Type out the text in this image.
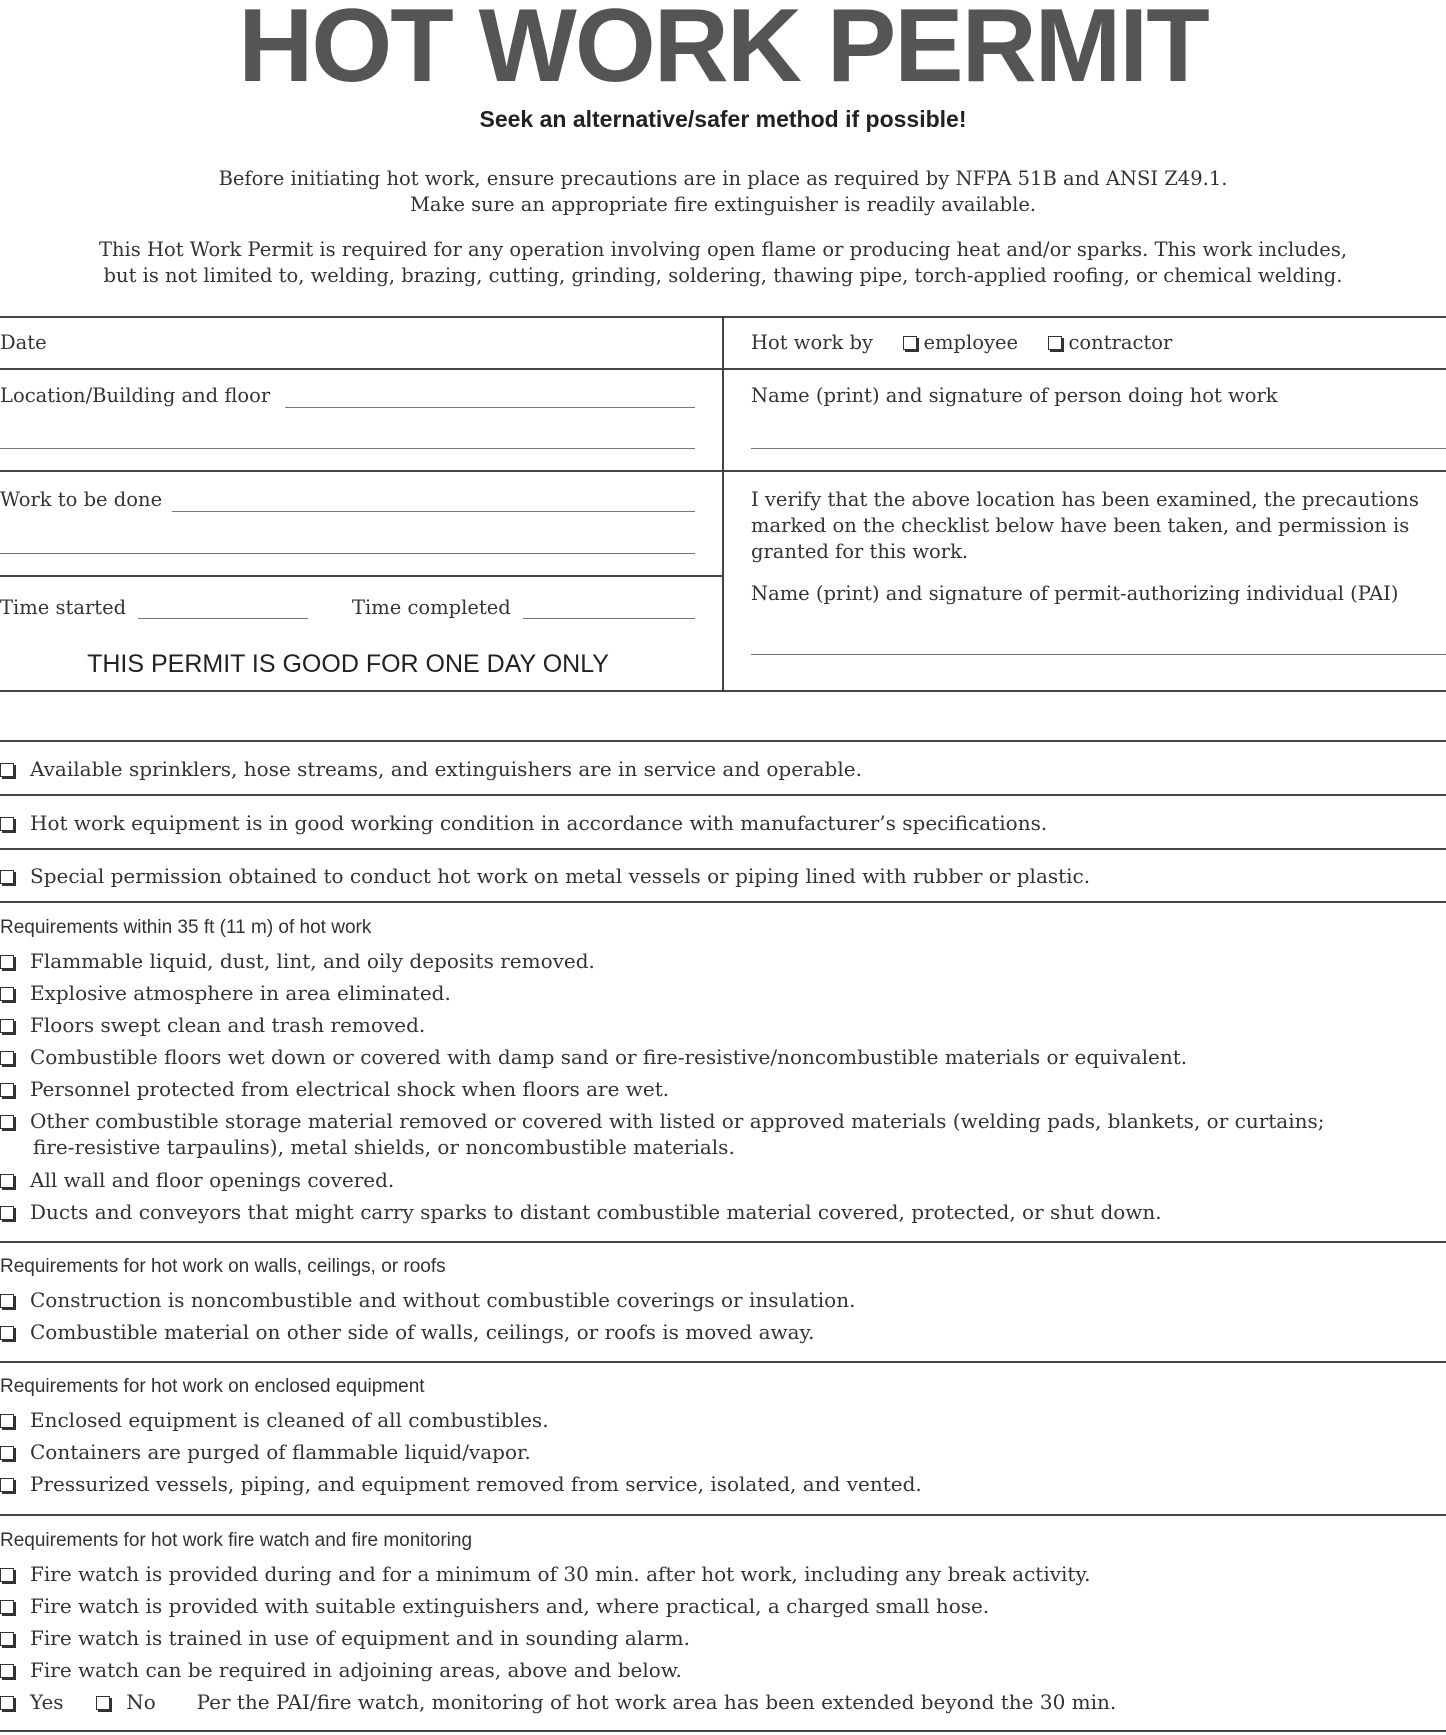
HOT WORK PERMIT
Seek an alternative/safer method if possible!
Before initiating hot work, ensure precautions are in place as required by NFPA 51B and ANSI Z49.1.
Make sure an appropriate fire extinguisher is readily available.
This Hot Work Permit is required for any operation involving open flame or producing heat and/or sparks. This work includes,
but is not limited to, welding, brazing, cutting, grinding, soldering, thawing pipe, torch-applied roofing, or chemical welding.
Date
Location/Building and floor
Work to be done
Time started	Time completed
THIS PERMIT IS GOOD FOR ONE DAY ONLY
Hot work by	employee	contractor
Name (print) and signature of person doing hot work
I verify that the above location has been examined, the precautions
marked on the checklist below have been taken, and permission is
granted for this work.
Name (print) and signature of permit-authorizing individual (PAI)
Available sprinklers, hose streams, and extinguishers are in service and operable.
Hot work equipment is in good working condition in accordance with manufacturer’s specifications.
Special permission obtained to conduct hot work on metal vessels or piping lined with rubber or plastic.
Requirements within 35 ft (11 m) of hot work
Flammable liquid, dust, lint, and oily deposits removed.
Explosive atmosphere in area eliminated.
Floors swept clean and trash removed.
Combustible floors wet down or covered with damp sand or fire-resistive/noncombustible materials or equivalent.
Personnel protected from electrical shock when floors are wet.
Other combustible storage material removed or covered with listed or approved materials (welding pads, blankets, or curtains;
fire-resistive tarpaulins), metal shields, or noncombustible materials.
All wall and floor openings covered.
Ducts and conveyors that might carry sparks to distant combustible material covered, protected, or shut down.
Requirements for hot work on walls, ceilings, or roofs
Construction is noncombustible and without combustible coverings or insulation.
Combustible material on other side of walls, ceilings, or roofs is moved away.
Requirements for hot work on enclosed equipment
Enclosed equipment is cleaned of all combustibles.
Containers are purged of flammable liquid/vapor.
Pressurized vessels, piping, and equipment removed from service, isolated, and vented.
Requirements for hot work fire watch and fire monitoring
Fire watch is provided during and for a minimum of 30 min. after hot work, including any break activity.
Fire watch is provided with suitable extinguishers and, where practical, a charged small hose.
Fire watch is trained in use of equipment and in sounding alarm.
Fire watch can be required in adjoining areas, above and below.
Yes	No Per the PAI/fire watch, monitoring of hot work area has been extended beyond the 30 min.
